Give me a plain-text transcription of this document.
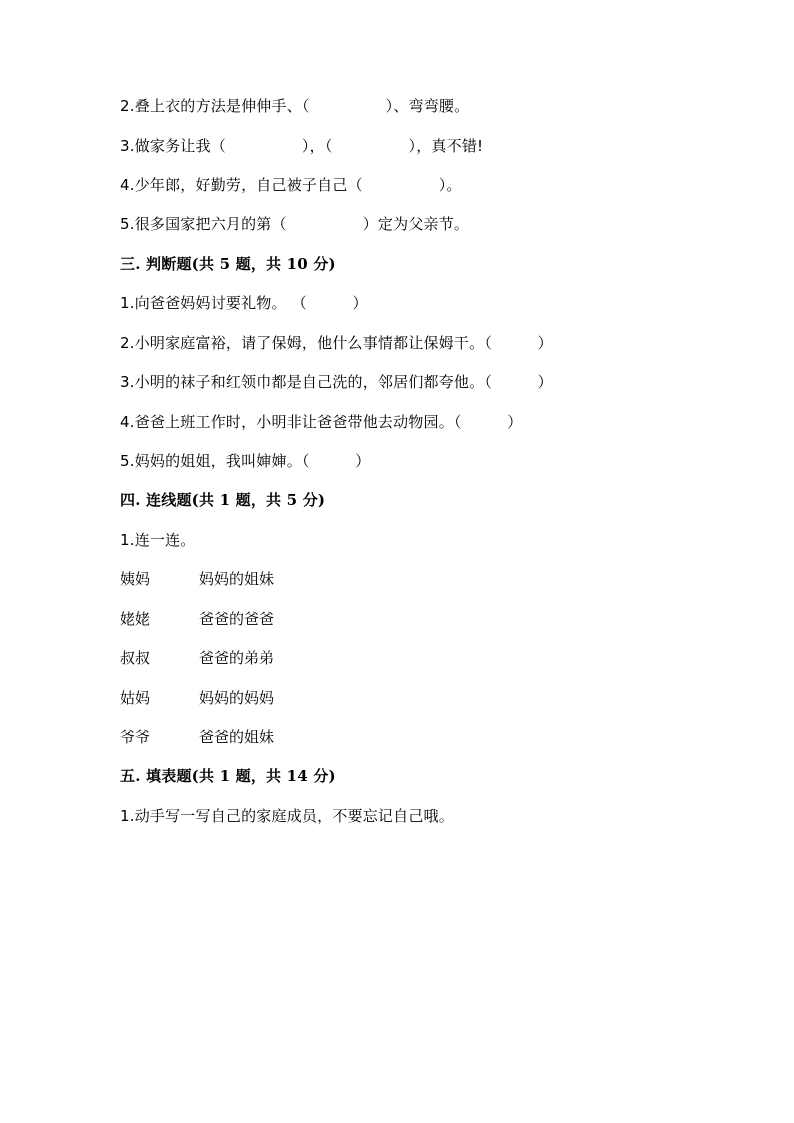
2.叠上衣的方法是伸伸手、（　　　　　）、弯弯腰。
3.做家务让我（　　　　　），（　　　　　），真不错!
4.少年郎，好勤劳，自己被子自己（　　　　　）。
5.很多国家把六月的第（　　　　　）定为父亲节。
三. 判断题(共 5 题，共 10 分)
1.向爸爸妈妈讨要礼物。 （　　　）
2.小明家庭富裕，请了保姆，他什么事情都让保姆干。（　　　）
3.小明的袜子和红领巾都是自己洗的，邻居们都夸他。（　　　）
4.爸爸上班工作时，小明非让爸爸带他去动物园。（　　　）
5.妈妈的姐姐，我叫婶婶。（　　　）
四. 连线题(共 1 题，共 5 分)
1.连一连。
姨妈	妈妈的姐妹
姥姥	爸爸的爸爸
叔叔	爸爸的弟弟
姑妈	妈妈的妈妈
爷爷	爸爸的姐妹
五. 填表题(共 1 题，共 14 分)
1.动手写一写自己的家庭成员，不要忘记自己哦。
